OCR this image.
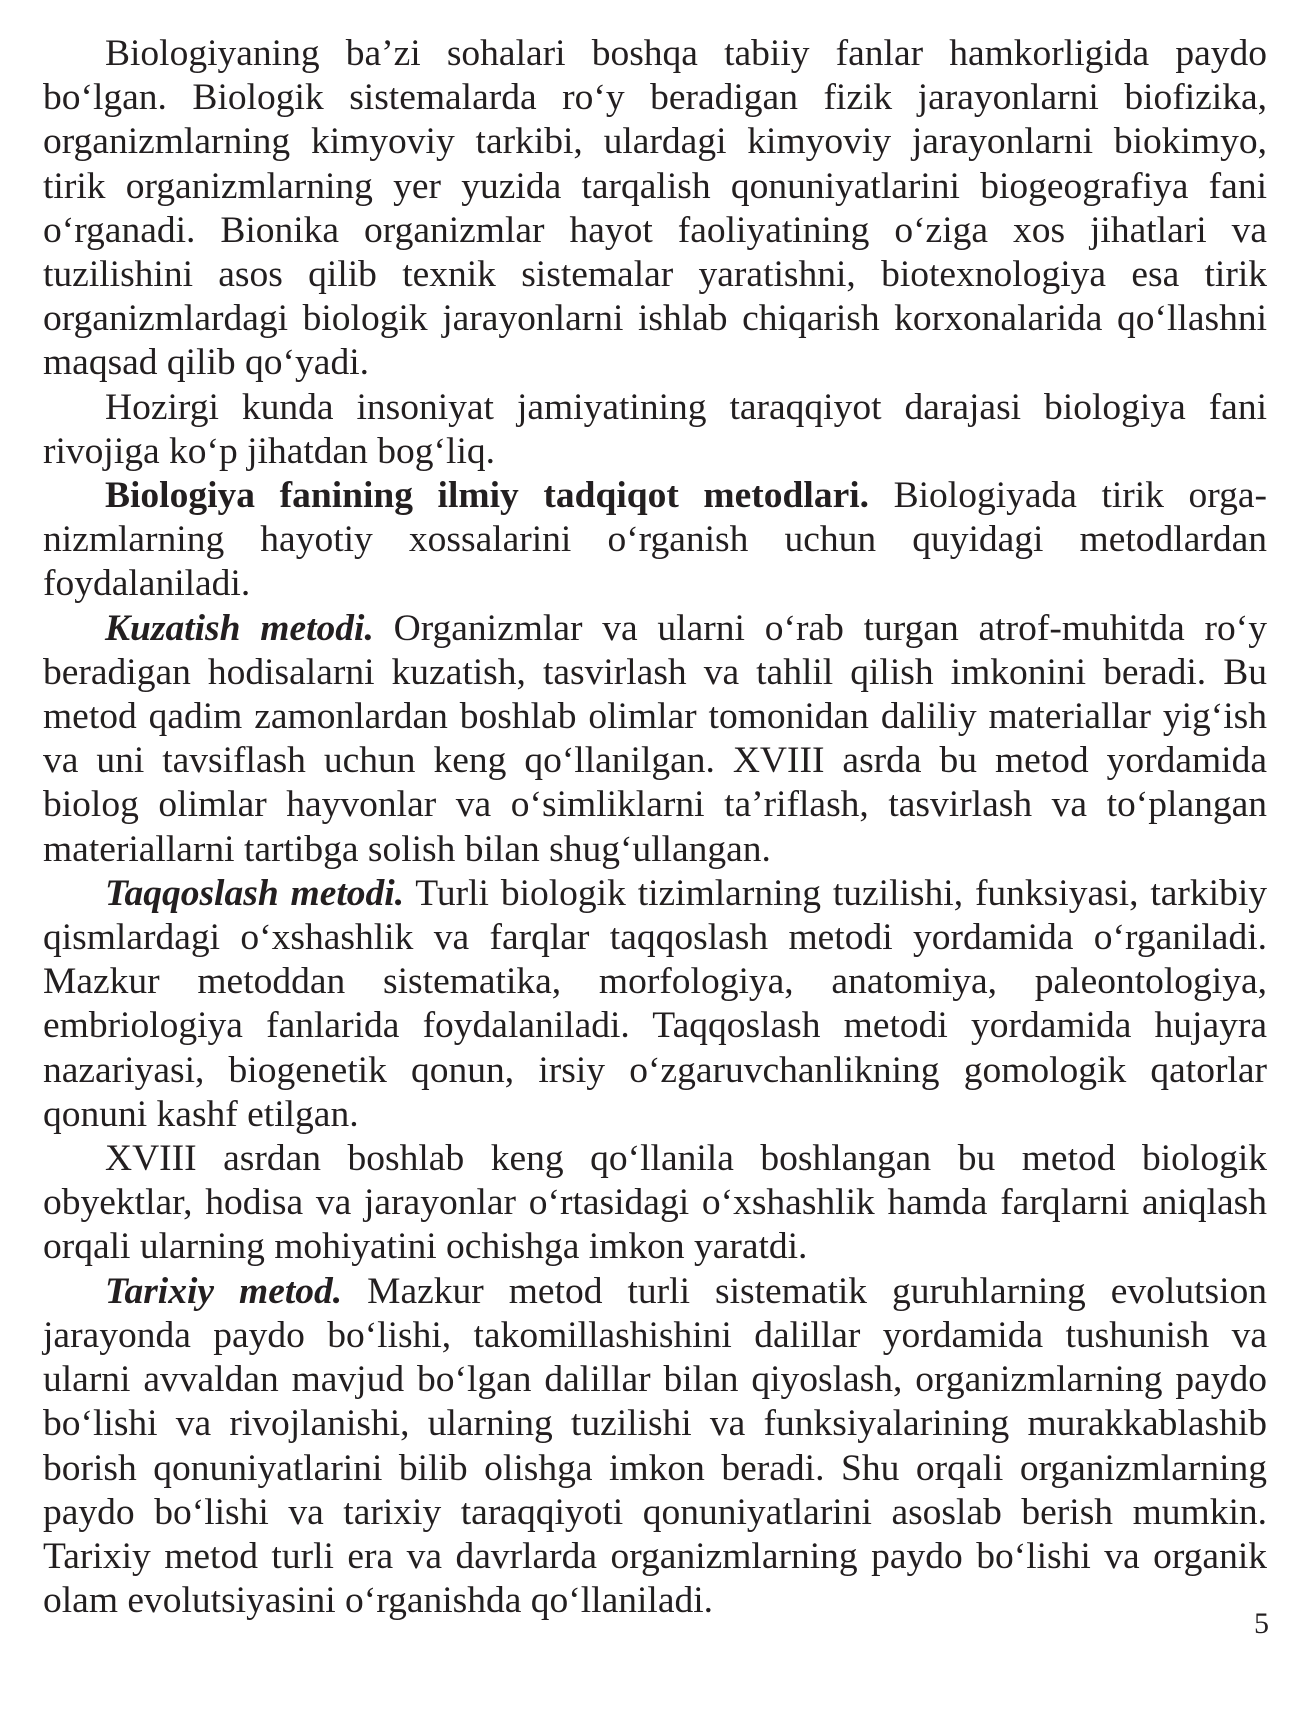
Biologiyaning ba’zi sohalari boshqa tabiiy fanlar hamkorligida paydo bo‘lgan. Biologik sistemalarda ro‘y beradigan fizik jarayonlarni biofizika, organizmlarning kimyoviy tarkibi, ulardagi kimyoviy jarayonlarni biokimyo, tirik organizmlarning yer yuzida tarqalish qonuniyatlarini biogeografiya fani o‘rganadi. Bionika organizmlar hayot faoliyatining o‘ziga xos jihatlari va tuzilishini asos qilib texnik sistemalar yaratishni, biotexnologiya esa tirik organizmlardagi biologik jarayonlarni ishlab chiqarish korxonalarida qo‘llashni maqsad qilib qo‘yadi.

Hozirgi kunda insoniyat jamiyatining taraqqiyot darajasi biologiya fani rivojiga ko‘p jihatdan bog‘liq.

Biologiya fanining ilmiy tadqiqot metodlari. Biologiyada tirik organizmlarning hayotiy xossalarini o‘rganish uchun quyidagi metodlardan foydalaniladi.

Kuzatish metodi. Organizmlar va ularni o‘rab turgan atrof-muhitda ro‘y beradigan hodisalarni kuzatish, tasvirlash va tahlil qilish imkonini beradi. Bu metod qadim zamonlardan boshlab olimlar tomonidan daliliy materiallar yig‘ish va uni tavsiflash uchun keng qo‘llanilgan. XVIII asrda bu metod yordamida biolog olimlar hayvonlar va o‘simliklarni ta’riflash, tasvirlash va to‘plangan materiallarni tartibga solish bilan shug‘ullangan.

Taqqoslash metodi. Turli biologik tizimlarning tuzilishi, funksiyasi, tarkibiy qismlardagi o‘xshashlik va farqlar taqqoslash metodi yordamida o‘rganiladi. Mazkur metoddan sistematika, morfologiya, anatomiya, paleontologiya, embriologiya fanlarida foydalaniladi. Taqqoslash metodi yordamida hujayra nazariyasi, biogenetik qonun, irsiy o‘zgaruvchanlikning gomologik qatorlar qonuni kashf etilgan.

XVIII asrdan boshlab keng qo‘llanila boshlangan bu metod biologik obyektlar, hodisa va jarayonlar o‘rtasidagi o‘xshashlik hamda farqlarni aniqlash orqali ularning mohiyatini ochishga imkon yaratdi.

Tarixiy metod. Mazkur metod turli sistematik guruhlarning evolutsion jarayonda paydo bo‘lishi, takomillashishini dalillar yordamida tushunish va ularni avvaldan mavjud bo‘lgan dalillar bilan qiyoslash, organizmlarning paydo bo‘lishi va rivojlanishi, ularning tuzilishi va funksiyalarining murakkablashib borish qonuniyatlarini bilib olishga imkon beradi. Shu orqali organizmlarning paydo bo‘lishi va tarixiy taraqqiyoti qonuniyatlarini asoslab berish mumkin. Tarixiy metod turli era va davrlarda organizmlarning paydo bo‘lishi va organik olam evolutsiyasini o‘rganishda qo‘llaniladi.

5
